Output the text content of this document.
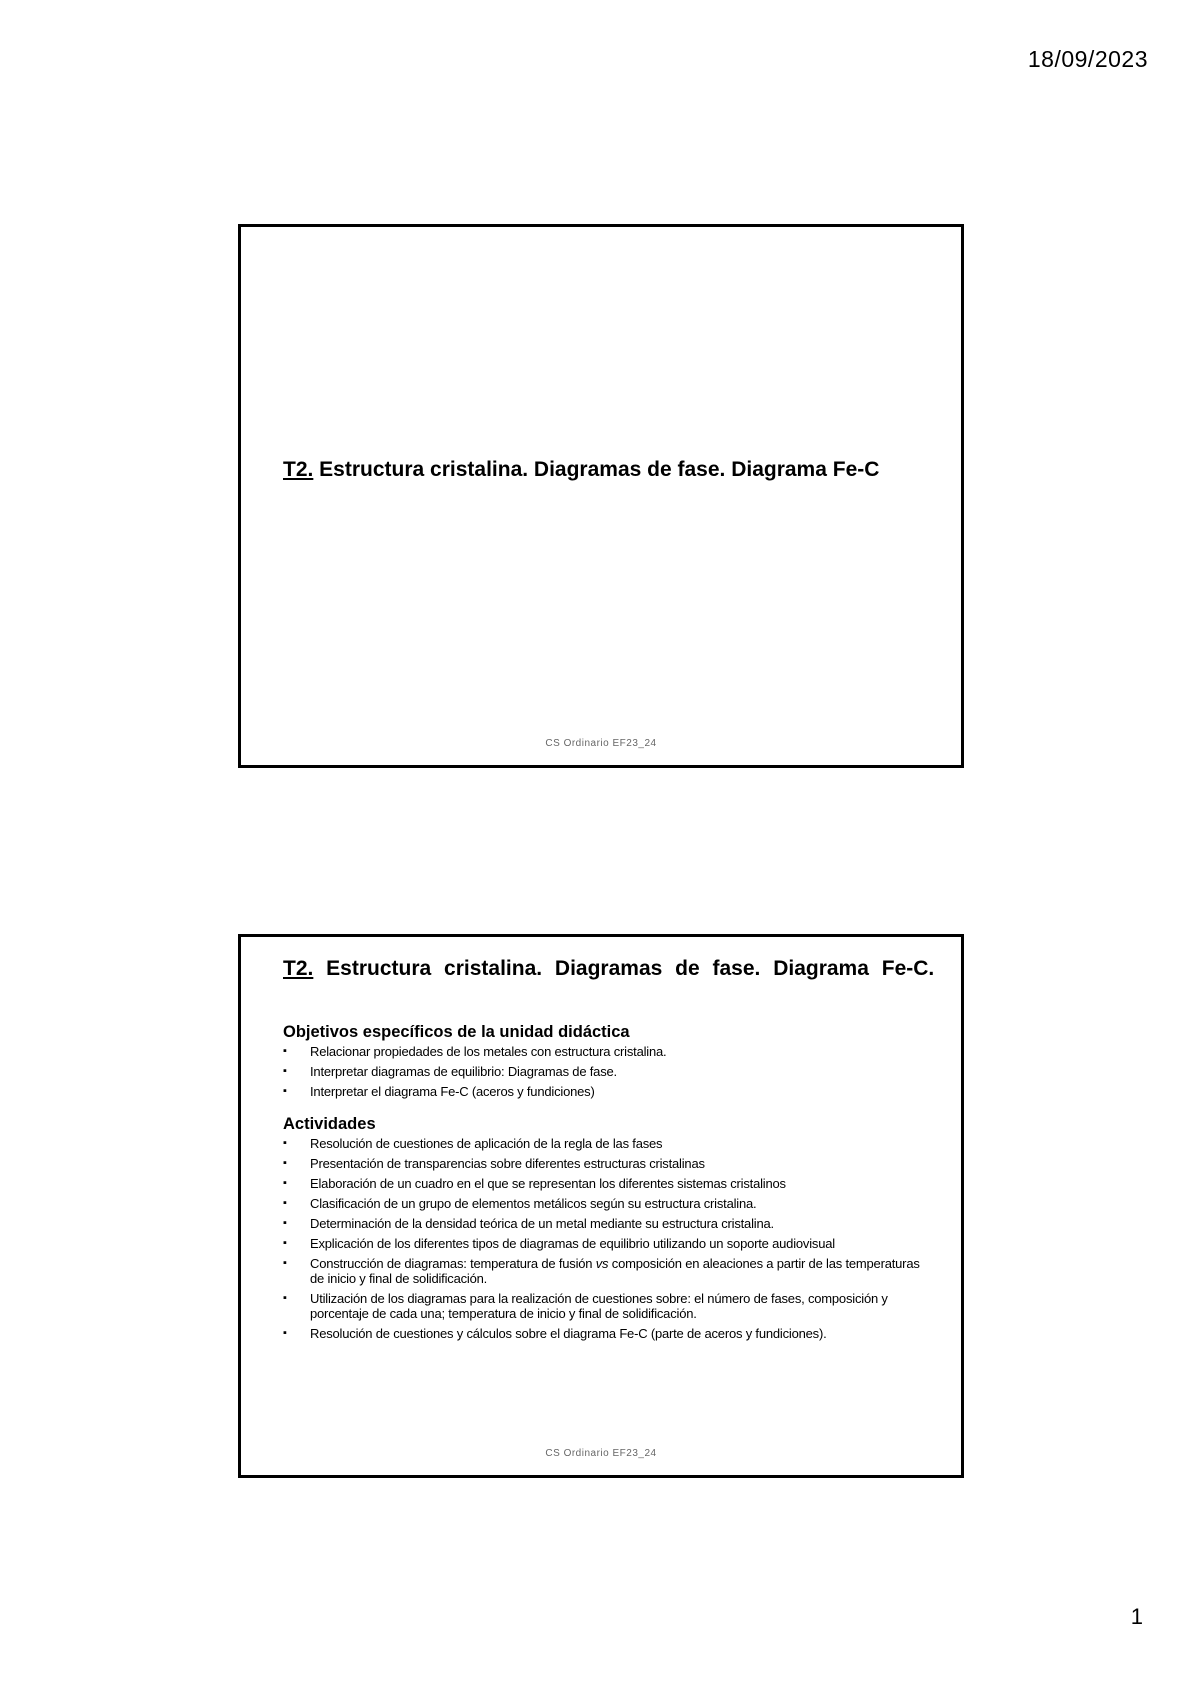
18/09/2023
T2. Estructura cristalina. Diagramas de fase. Diagrama Fe-C
CS Ordinario EF23_24
T2. Estructura cristalina. Diagramas de fase. Diagrama Fe-C.
Objetivos específicos de la unidad didáctica
▪ Relacionar propiedades de los metales con estructura cristalina.
▪ Interpretar diagramas de equilibrio: Diagramas de fase.
▪ Interpretar el diagrama Fe-C (aceros y fundiciones)
Actividades
▪ Resolución de cuestiones de aplicación de la regla de las fases
▪ Presentación de transparencias sobre diferentes estructuras cristalinas
▪ Elaboración de un cuadro en el que se representan los diferentes sistemas cristalinos
▪ Clasificación de un grupo de elementos metálicos según su estructura cristalina.
▪ Determinación de la densidad teórica de un metal mediante su estructura cristalina.
▪ Explicación de los diferentes tipos de diagramas de equilibrio utilizando un soporte audiovisual
▪ Construcción de diagramas: temperatura de fusión vs composición en aleaciones a partir de las temperaturas de inicio y final de solidificación.
▪ Utilización de los diagramas para la realización de cuestiones sobre: el número de fases, composición y porcentaje de cada una; temperatura de inicio y final de solidificación.
▪ Resolución de cuestiones y cálculos sobre el diagrama Fe-C (parte de aceros y fundiciones).
CS Ordinario EF23_24
1
